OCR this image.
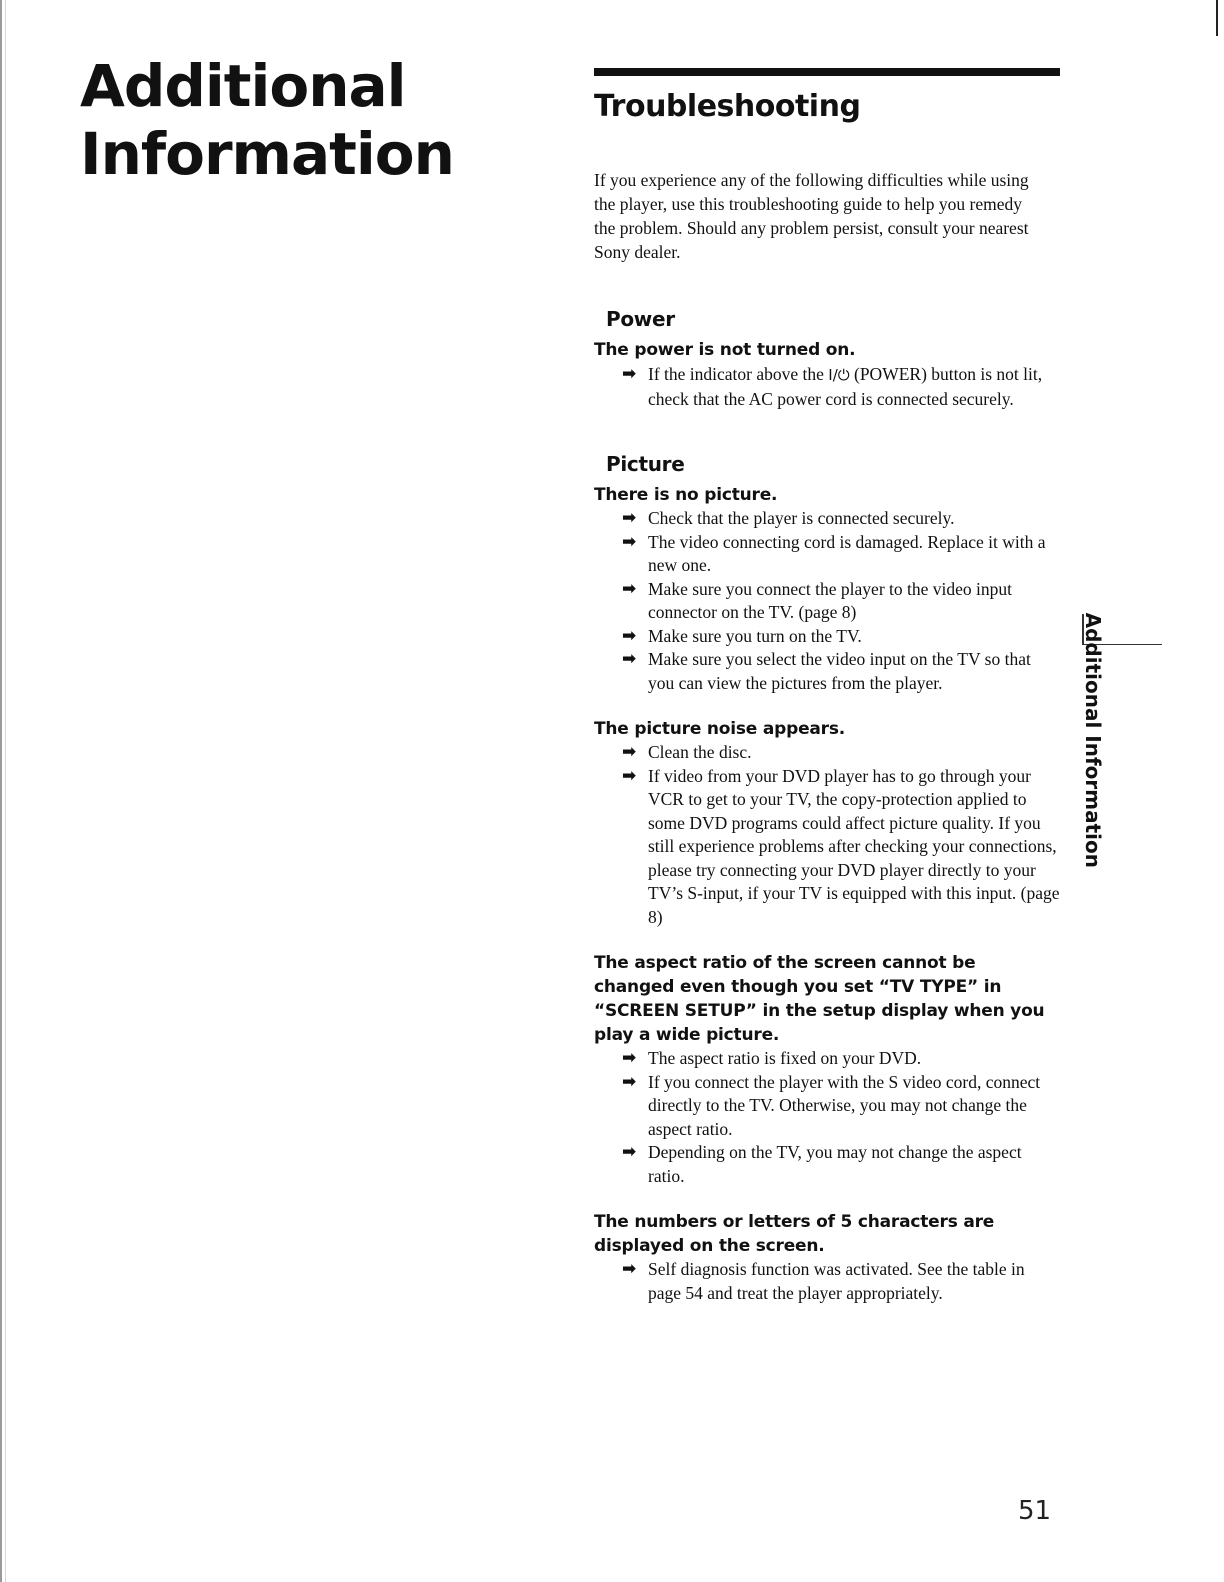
Additional
Information
Troubleshooting

If you experience any of the following difficulties while using the player, use this troubleshooting guide to help you remedy the problem. Should any problem persist, consult your nearest Sony dealer.

Power
The power is not turned on.
➡ If the indicator above the I/⏻ (POWER) button is not lit, check that the AC power cord is connected securely.
Picture
There is no picture.
➡ Check that the player is connected securely.
➡ The video connecting cord is damaged. Replace it with a new one.
➡ Make sure you connect the player to the video input connector on the TV. (page 8)
➡ Make sure you turn on the TV.
➡ Make sure you select the video input on the TV so that you can view the pictures from the player.
The picture noise appears.
➡ Clean the disc.
➡ If video from your DVD player has to go through your VCR to get to your TV, the copy-protection applied to some DVD programs could affect picture quality. If you still experience problems after checking your connections, please try connecting your DVD player directly to your TV’s S-input, if your TV is equipped with this input. (page 8)
The aspect ratio of the screen cannot be changed even though you set “TV TYPE” in “SCREEN SETUP” in the setup display when you play a wide picture.
➡ The aspect ratio is fixed on your DVD.
➡ If you connect the player with the S video cord, connect directly to the TV. Otherwise, you may not change the aspect ratio.
➡ Depending on the TV, you may not change the aspect ratio.
The numbers or letters of 5 characters are displayed on the screen.
➡ Self diagnosis function was activated. See the table in page 54 and treat the player appropriately.
Additional Information
51
